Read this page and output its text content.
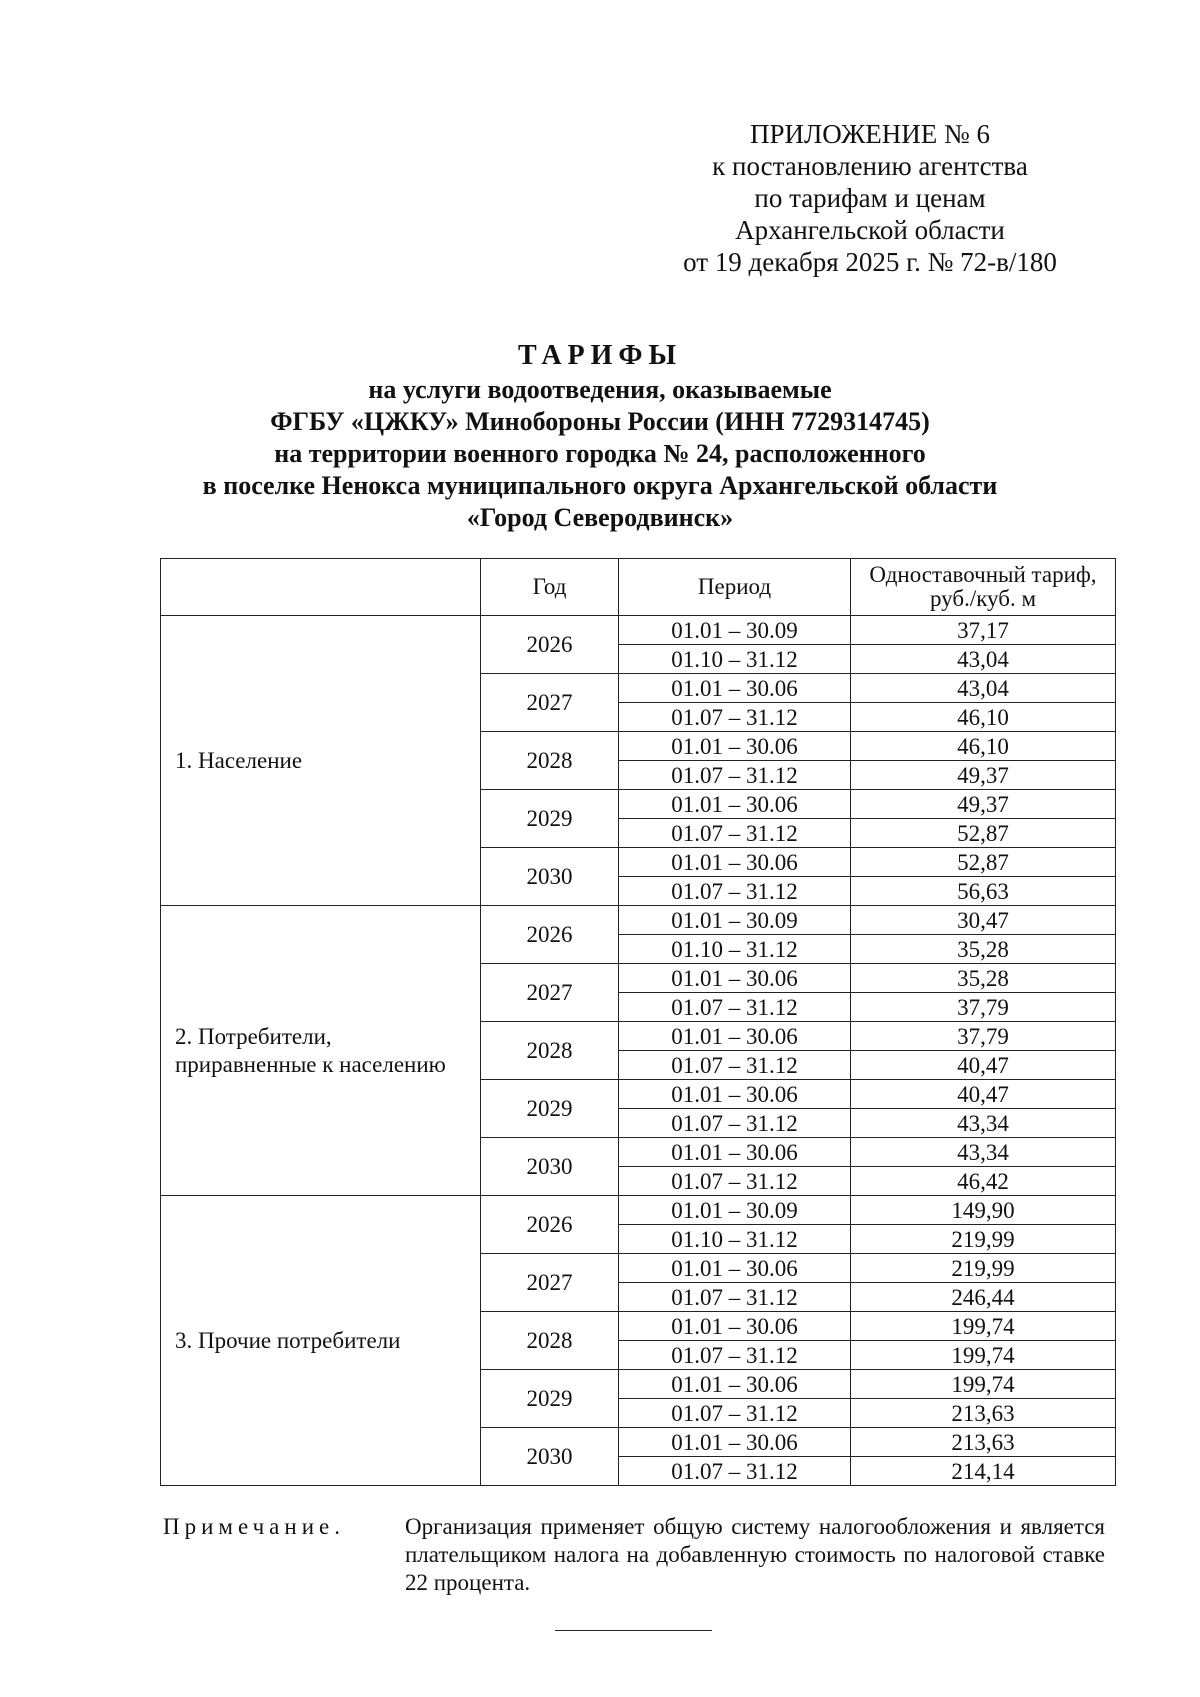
ПРИЛОЖЕНИЕ № 6
к постановлению агентства
по тарифам и ценам
Архангельской области
от 19 декабря 2025 г. № 72-в/180
ТАРИФЫ
на услуги водоотведения, оказываемые
ФГБУ «ЦЖКУ» Минобороны России (ИНН 7729314745)
на территории военного городка № 24, расположенного
в поселке Ненокса муниципального округа Архангельской области
«Город Северодвинск»
	Год	Период	Одноставочный тариф,
руб./куб. м

1. Население	2026	01.01 – 30.09	37,17
		01.10 – 31.12	43,04
	2027	01.01 – 30.06	43,04
		01.07 – 31.12	46,10
	2028	01.01 – 30.06	46,10
		01.07 – 31.12	49,37
	2029	01.01 – 30.06	49,37
		01.07 – 31.12	52,87
	2030	01.01 – 30.06	52,87
		01.07 – 31.12	56,63

2. Потребители,
приравненные к населению	2026	01.01 – 30.09	30,47
		01.10 – 31.12	35,28
	2027	01.01 – 30.06	35,28
		01.07 – 31.12	37,79
	2028	01.01 – 30.06	37,79
		01.07 – 31.12	40,47
	2029	01.01 – 30.06	40,47
		01.07 – 31.12	43,34
	2030	01.01 – 30.06	43,34
		01.07 – 31.12	46,42
3. Прочие потребители	2026	01.01 – 30.09	149,90
		01.10 – 31.12	219,99
	2027	01.01 – 30.06	219,99
		01.07 – 31.12	246,44
	2028	01.01 – 30.06	199,74
		01.07 – 31.12	199,74
	2029	01.01 – 30.06	199,74
		01.07 – 31.12	213,63
	2030	01.01 – 30.06	213,63
		01.07 – 31.12	214,14
Примечание.	Организация применяет общую систему налогообложения и является плательщиком налога на добавленную стоимость по налоговой ставке 22 процента.
